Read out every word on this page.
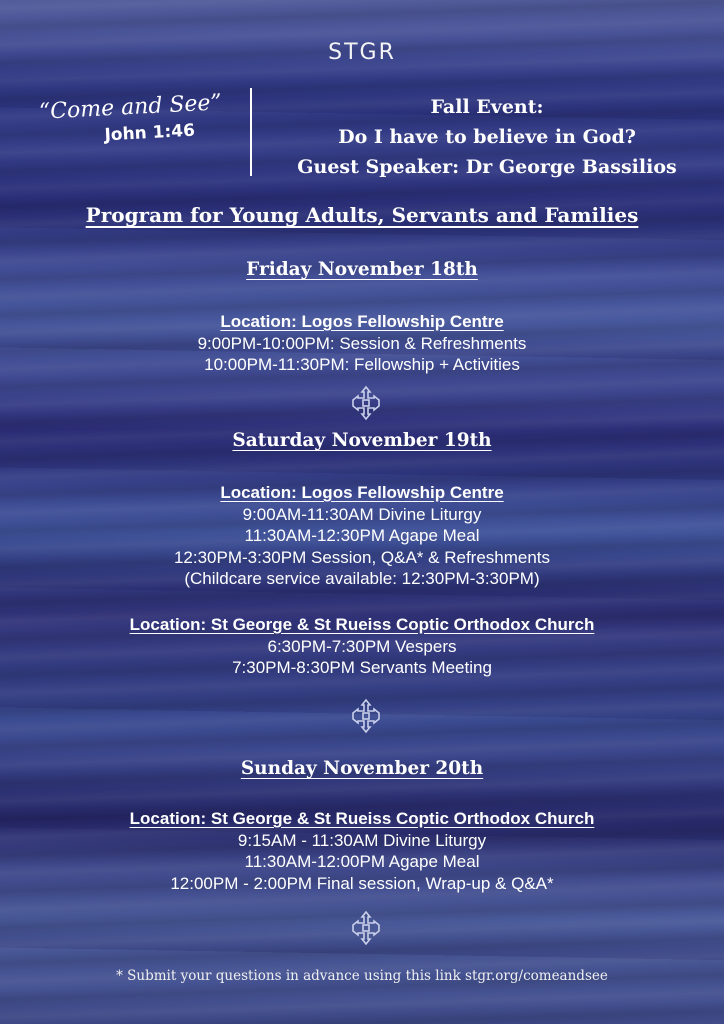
STGR
“Come and See”
John 1:46
Fall Event:
Do I have to believe in God?
Guest Speaker: Dr George Bassilios
Program for Young Adults, Servants and Families
Friday November 18th
Location: Logos Fellowship Centre
9:00PM-10:00PM: Session & Refreshments
10:00PM-11:30PM: Fellowship + Activities
Saturday November 19th
Location: Logos Fellowship Centre
9:00AM-11:30AM Divine Liturgy
11:30AM-12:30PM Agape Meal
12:30PM-3:30PM Session, Q&A* & Refreshments
(Childcare service available: 12:30PM-3:30PM)
Location: St George & St Rueiss Coptic Orthodox Church
6:30PM-7:30PM Vespers
7:30PM-8:30PM Servants Meeting
Sunday November 20th
Location: St George & St Rueiss Coptic Orthodox Church
9:15AM - 11:30AM Divine Liturgy
11:30AM-12:00PM Agape Meal
12:00PM - 2:00PM Final session, Wrap-up & Q&A*
* Submit your questions in advance using this link stgr.org/comeandsee
